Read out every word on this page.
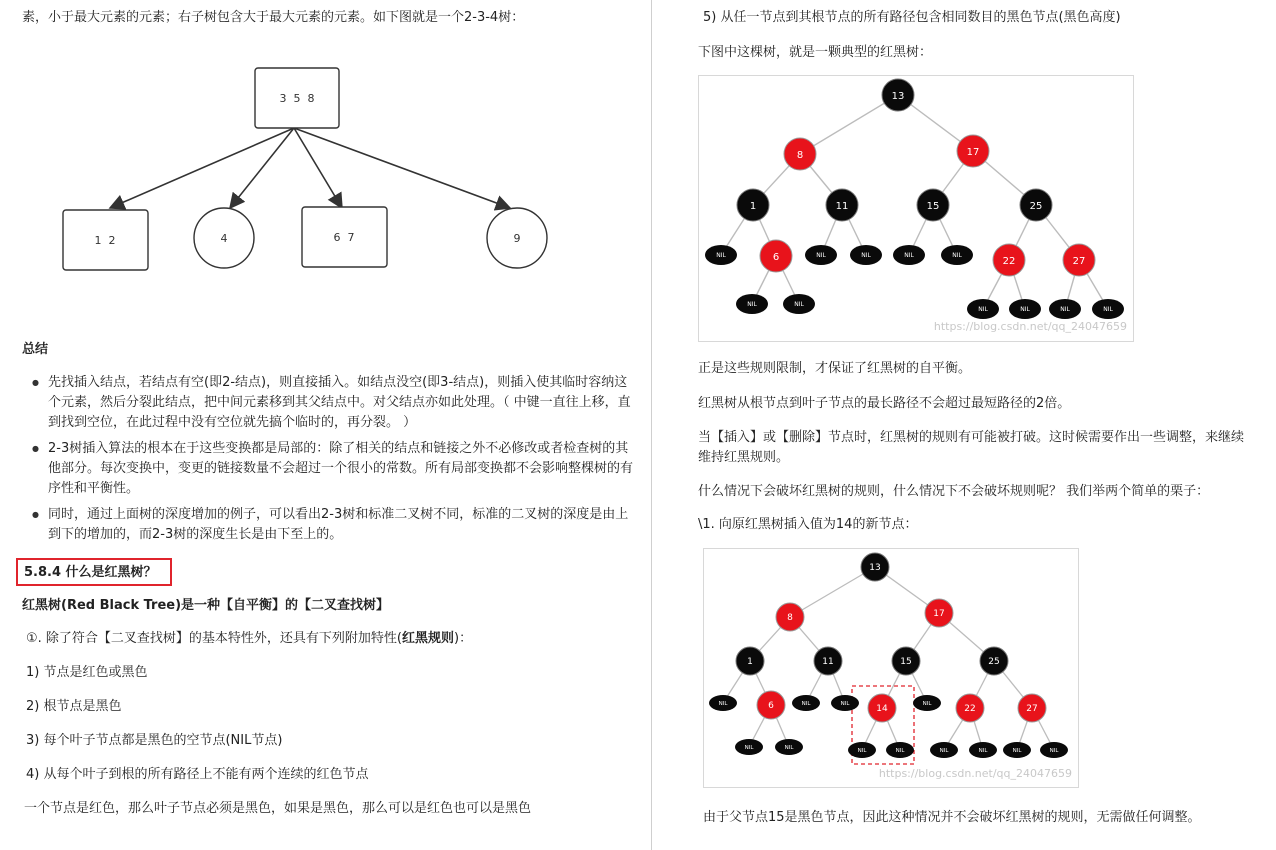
素，小于最大元素的元素；右子树包含大于最大元素的元素。如下图就是一个2-3-4树：
3  5  8
1  2	4	6  7	9
总结
● 先找插入结点，若结点有空(即2-结点)，则直接插入。如结点没空(即3-结点)，则插入使其临时容纳这个元素，然后分裂此结点，把中间元素移到其父结点中。对父结点亦如此处理。（ 中键一直往上移，直到找到空位，在此过程中没有空位就先搞个临时的，再分裂。 ）
● 2-3树插入算法的根本在于这些变换都是局部的：除了相关的结点和链接之外不必修改或者检查树的其他部分。每次变换中，变更的链接数量不会超过一个很小的常数。所有局部变换都不会影响整棵树的有序性和平衡性。
● 同时，通过上面树的深度增加的例子，可以看出2-3树和标准二叉树不同，标准的二叉树的深度是由上到下的增加的，而2-3树的深度生长是由下至上的。
5.8.4 什么是红黑树？
红黑树(Red Black Tree)是一种【自平衡】的【二叉查找树】
①. 除了符合【二叉查找树】的基本特性外，还具有下列附加特性(红黑规则)：
1) 节点是红色或黑色
2) 根节点是黑色
3) 每个叶子节点都是黑色的空节点(NIL节点)
4) 从每个叶子到根的所有路径上不能有两个连续的红色节点
一个节点是红色，那么叶子节点必须是黑色，如果是黑色，那么可以是红色也可以是黑色
5) 从任一节点到其根节点的所有路径包含相同数目的黑色节点(黑色高度)
下图中这棵树，就是一颗典型的红黑树：
13
8	17
1	11	15	25
6	22	27
NIL	NIL	NIL	NIL	NIL
NIL	NIL
NIL	NIL	NIL	NIL
https://blog.csdn.net/qq_24047659
正是这些规则限制，才保证了红黑树的自平衡。
红黑树从根节点到叶子节点的最长路径不会超过最短路径的2倍。
当【插入】或【删除】节点时，红黑树的规则有可能被打破。这时候需要作出一些调整，来继续
维持红黑规则。
什么情况下会破坏红黑树的规则，什么情况下不会破坏规则呢？ 我们举两个简单的栗子：
\1. 向原红黑树插入值为14的新节点：
13
8	17
1	11	15	25
6	14	22	27
NIL	NIL	NIL	NIL
NIL	NIL	NIL	NIL	NIL	NIL	NIL	NIL
https://blog.csdn.net/qq_24047659
由于父节点15是黑色节点，因此这种情况并不会破坏红黑树的规则，无需做任何调整。
